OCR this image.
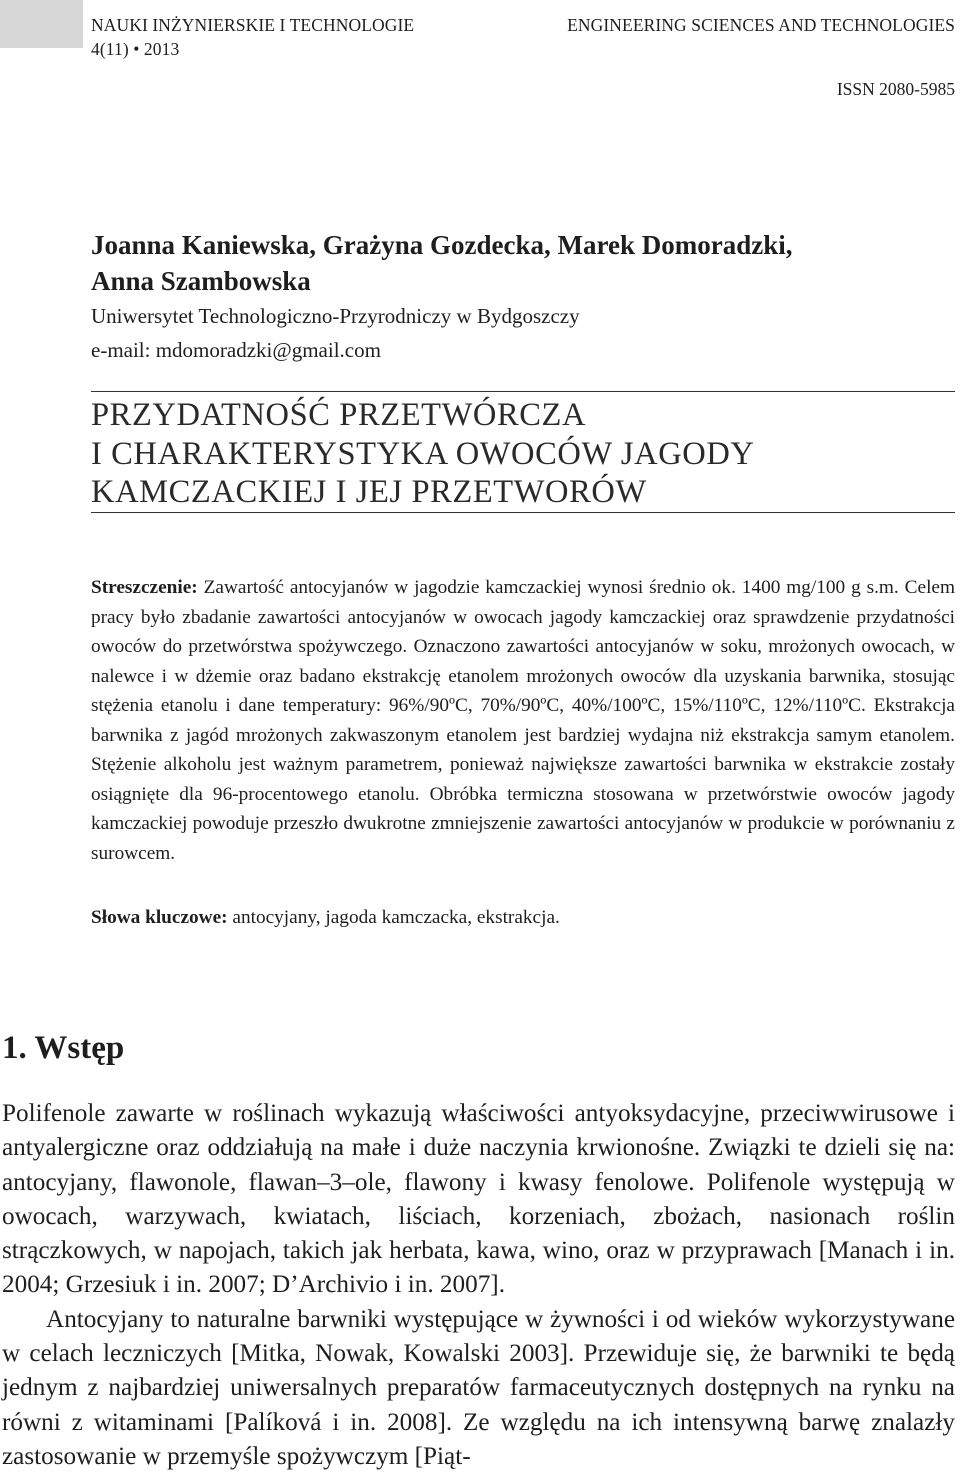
NAUKI INŻYNIERSKIE I TECHNOLOGIE	ENGINEERING SCIENCES AND TECHNOLOGIES
4(11) • 2013
ISSN 2080-5985
Joanna Kaniewska, Grażyna Gozdecka, Marek Domoradzki,
Anna Szambowska
Uniwersytet Technologiczno-Przyrodniczy w Bydgoszczy
e-mail: mdomoradzki@gmail.com
PRZYDATNOŚĆ PRZETWÓRCZA
I CHARAKTERYSTYKA OWOCÓW JAGODY
KAMCZACKIEJ I JEJ PRZETWORÓW
Streszczenie: Zawartość antocyjanów w jagodzie kamczackiej wynosi średnio ok. 1400 mg/100 g s.m. Celem pracy było zbadanie zawartości antocyjanów w owocach jagody kamczackiej oraz sprawdzenie przydatności owoców do przetwórstwa spożywczego. Oznaczono zawartości antocyjanów w soku, mrożonych owocach, w nalewce i w dżemie oraz badano ekstrakcję etanolem mrożonych owoców dla uzyskania barwnika, stosując stężenia etanolu i dane temperatury: 96%/90ºC, 70%/90ºC, 40%/100ºC, 15%/110ºC, 12%/110ºC. Ekstrakcja barwnika z jagód mrożonych zakwaszonym etanolem jest bardziej wydajna niż ekstrakcja samym etanolem. Stężenie alkoholu jest ważnym parametrem, ponieważ największe zawartości barwnika w ekstrakcie zostały osiągnięte dla 96-procentowego etanolu. Obróbka termiczna stosowana w przetwórstwie owoców jagody kamczackiej powoduje przeszło dwukrotne zmniejszenie zawartości antocyjanów w produkcie w porównaniu z surowcem.
Słowa kluczowe: antocyjany, jagoda kamczacka, ekstrakcja.
1. Wstęp

Polifenole zawarte w roślinach wykazują właściwości antyoksydacyjne, przeciwwirusowe i antyalergiczne oraz oddziałują na małe i duże naczynia krwionośne. Związki te dzieli się na: antocyjany, flawonole, flawan–3–ole, flawony i kwasy fenolowe. Polifenole występują w owocach, warzywach, kwiatach, liściach, korzeniach, zbożach, nasionach roślin strączkowych, w napojach, takich jak herbata, kawa, wino, oraz w przyprawach [Manach i in. 2004; Grzesiuk i in. 2007; D’Archivio i in. 2007].

Antocyjany to naturalne barwniki występujące w żywności i od wieków wykorzystywane w celach leczniczych [Mitka, Nowak, Kowalski 2003]. Przewiduje się, że barwniki te będą jednym z najbardziej uniwersalnych preparatów farmaceutycznych dostępnych na rynku na równi z witaminami [Palíková i in. 2008]. Ze względu na ich intensywną barwę znalazły zastosowanie w przemyśle spożywczym [Piąt-
